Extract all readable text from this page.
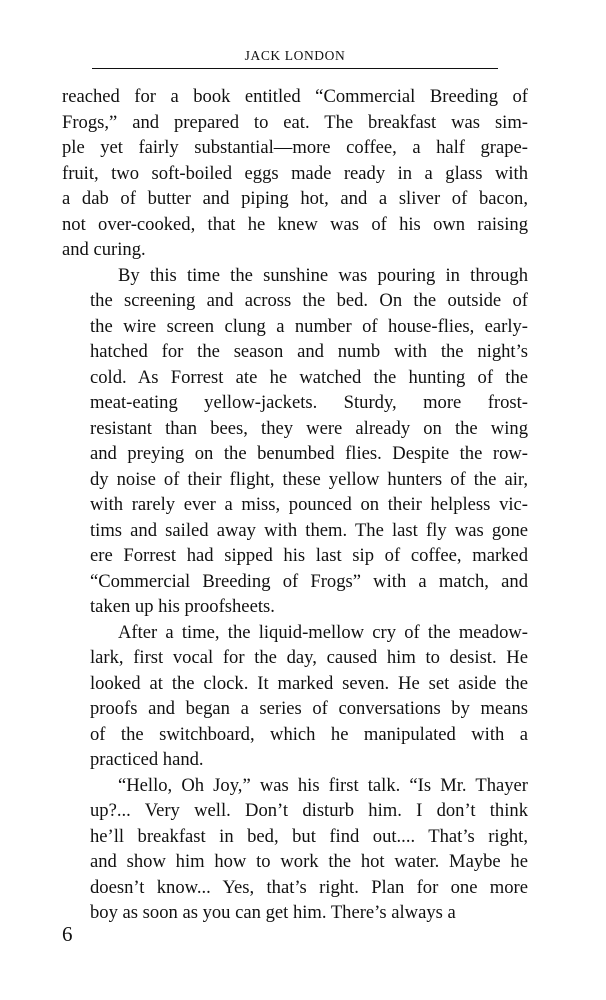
JACK LONDON
reached for a book entitled “Commercial Breeding of
Frogs,” and prepared to eat. The breakfast was sim-
ple yet fairly substantial—more coffee, a half grape-
fruit, two soft-boiled eggs made ready in a glass with
a dab of butter and piping hot, and a sliver of bacon,
not over-cooked, that he knew was of his own raising
and curing.
By this time the sunshine was pouring in through
the screening and across the bed. On the outside of
the wire screen clung a number of house-flies, early-
hatched for the season and numb with the night’s
cold. As Forrest ate he watched the hunting of the
meat-eating yellow-jackets. Sturdy, more frost-
resistant than bees, they were already on the wing
and preying on the benumbed flies. Despite the row-
dy noise of their flight, these yellow hunters of the air,
with rarely ever a miss, pounced on their helpless vic-
tims and sailed away with them. The last fly was gone
ere Forrest had sipped his last sip of coffee, marked
“Commercial Breeding of Frogs” with a match, and
taken up his proofsheets.
After a time, the liquid-mellow cry of the meadow-
lark, first vocal for the day, caused him to desist. He
looked at the clock. It marked seven. He set aside the
proofs and began a series of conversations by means
of the switchboard, which he manipulated with a
practiced hand.
“Hello, Oh Joy,” was his first talk. “Is Mr. Thayer
up?... Very well. Don’t disturb him. I don’t think
he’ll breakfast in bed, but find out.... That’s right,
and show him how to work the hot water. Maybe he
doesn’t know... Yes, that’s right. Plan for one more
boy as soon as you can get him. There’s always a
6
